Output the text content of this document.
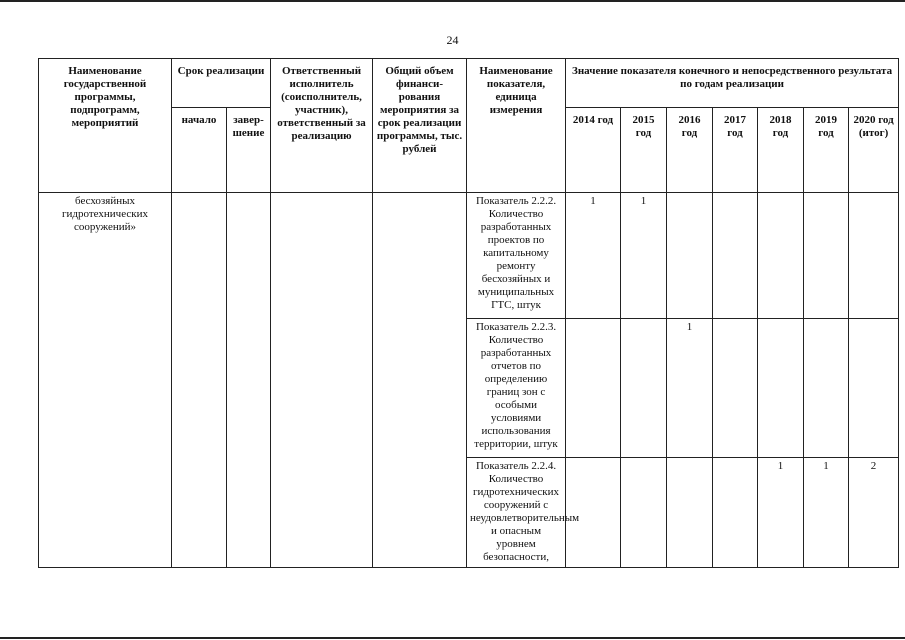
24
Наименование государственной программы, подпрограмм, мероприятий	Срок реализации		Ответственный исполнитель (соисполнитель, участник), ответственный за реализацию	Общий объем финанси-рования мероприятия за срок реализации программы, тыс. рублей	Наименование показателя, единица измерения	Значение показателя конечного и непосредственного результата по годам реализации						
	начало	завер-шение				2014 год	2015 год	2016 год	2017 год	2018 год	2019 год	2020 год (итог)
бесхозяйных гидротехнических сооружений»					Показатель 2.2.2. Количество разработанных проектов по капитальному ремонту бесхозяйных и муниципальных ГТС, штук	1	1					
					Показатель 2.2.3. Количество разработанных отчетов по определению границ зон с особыми условиями использования территории, штук			1				
					Показатель 2.2.4. Количество гидротехнических сооружений с неудовлетворительным и опасным уровнем безопасности,					1	1	2
